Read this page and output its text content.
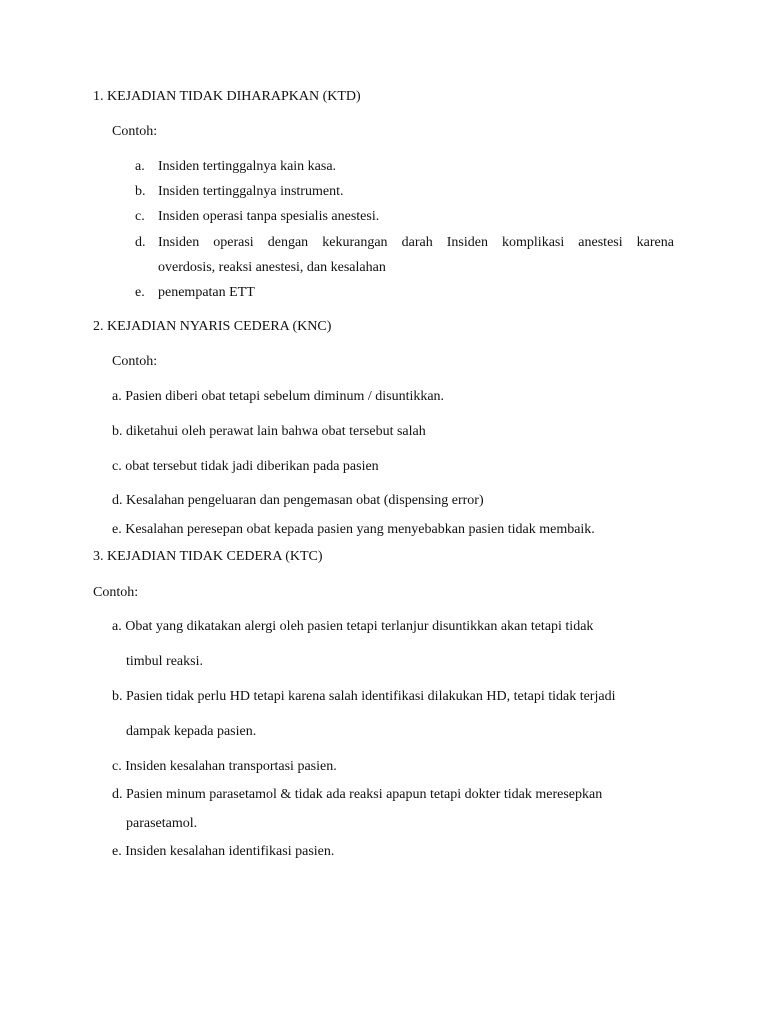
1. KEJADIAN TIDAK DIHARAPKAN (KTD)
Contoh:
a. Insiden tertinggalnya kain kasa.
b. Insiden tertinggalnya instrument.
c. Insiden operasi tanpa spesialis anestesi.
d. Insiden operasi dengan kekurangan darah Insiden komplikasi anestesi karena
overdosis, reaksi anestesi, dan kesalahan
e. penempatan ETT
2. KEJADIAN NYARIS CEDERA (KNC)
Contoh:
a. Pasien diberi obat tetapi sebelum diminum / disuntikkan.
b. diketahui oleh perawat lain bahwa obat tersebut salah
c. obat tersebut tidak jadi diberikan pada pasien
d. Kesalahan pengeluaran dan pengemasan obat (dispensing error)
e. Kesalahan peresepan obat kepada pasien yang menyebabkan pasien tidak membaik.
3. KEJADIAN TIDAK CEDERA (KTC)
Contoh:
a. Obat yang dikatakan alergi oleh pasien tetapi terlanjur disuntikkan akan tetapi tidak
timbul reaksi.
b. Pasien tidak perlu HD tetapi karena salah identifikasi dilakukan HD, tetapi tidak terjadi
dampak kepada pasien.
c. Insiden kesalahan transportasi pasien.
d. Pasien minum parasetamol & tidak ada reaksi apapun tetapi dokter tidak meresepkan
parasetamol.
e. Insiden kesalahan identifikasi pasien.
